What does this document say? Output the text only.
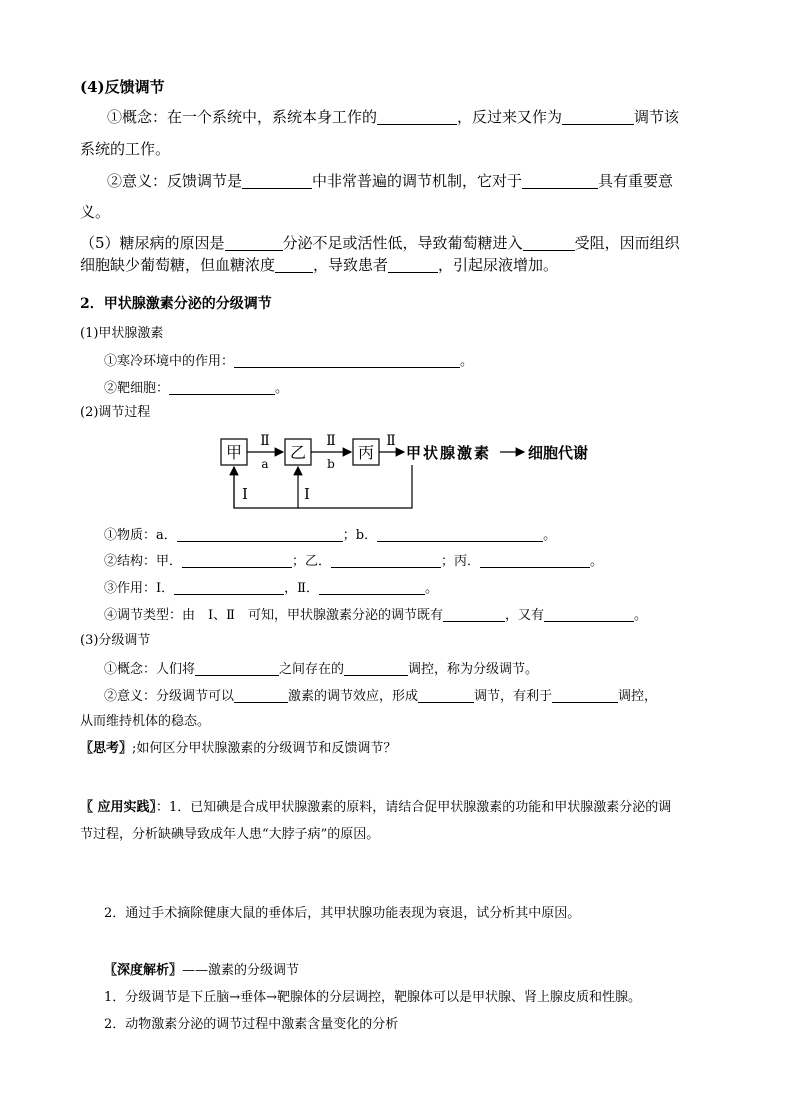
(4)反馈调节
①概念：在一个系统中，系统本身工作的	，反过来又作为	调节该
系统的工作。
②意义：反馈调节是	中非常普遍的调节机制，它对于	具有重要意
义。
（5）糖尿病的原因是	分泌不足或活性低，导致葡萄糖进入	受阻，因而组织
细胞缺少葡萄糖，但血糖浓度	，导致患者	，引起尿液增加。
2．甲状腺激素分泌的分级调节
(1)甲状腺激素
①寒冷环境中的作用：	。
②靶细胞：	。
(2)调节过程
甲	乙	丙
Ⅱ	Ⅱ	Ⅱ
a	b
甲状腺激素 细胞代谢
Ⅰ	Ⅰ
①物质：a．	；b．	。
②结构：甲．	；乙．	；丙．	。
③作用：Ⅰ．	，Ⅱ．	。
④调节类型：由　Ⅰ、Ⅱ　可知，甲状腺激素分泌的调节既有	，又有	。
(3)分级调节
①概念：人们将	之间存在的	调控，称为分级调节。
②意义：分级调节可以	激素的调节效应，形成	调节，有利于	调控，
从而维持机体的稳态。
〖思考〗;如何区分甲状腺激素的分级调节和反馈调节？
〖 应用实践〗：1．已知碘是合成甲状腺激素的原料，请结合促甲状腺激素的功能和甲状腺激素分泌的调
节过程，分析缺碘导致成年人患“大脖子病”的原因。
2．通过手术摘除健康大鼠的垂体后，其甲状腺功能表现为衰退，试分析其中原因。
〖深度解析〗——激素的分级调节
1．分级调节是下丘脑→垂体→靶腺体的分层调控，靶腺体可以是甲状腺、肾上腺皮质和性腺。
2．动物激素分泌的调节过程中激素含量变化的分析
